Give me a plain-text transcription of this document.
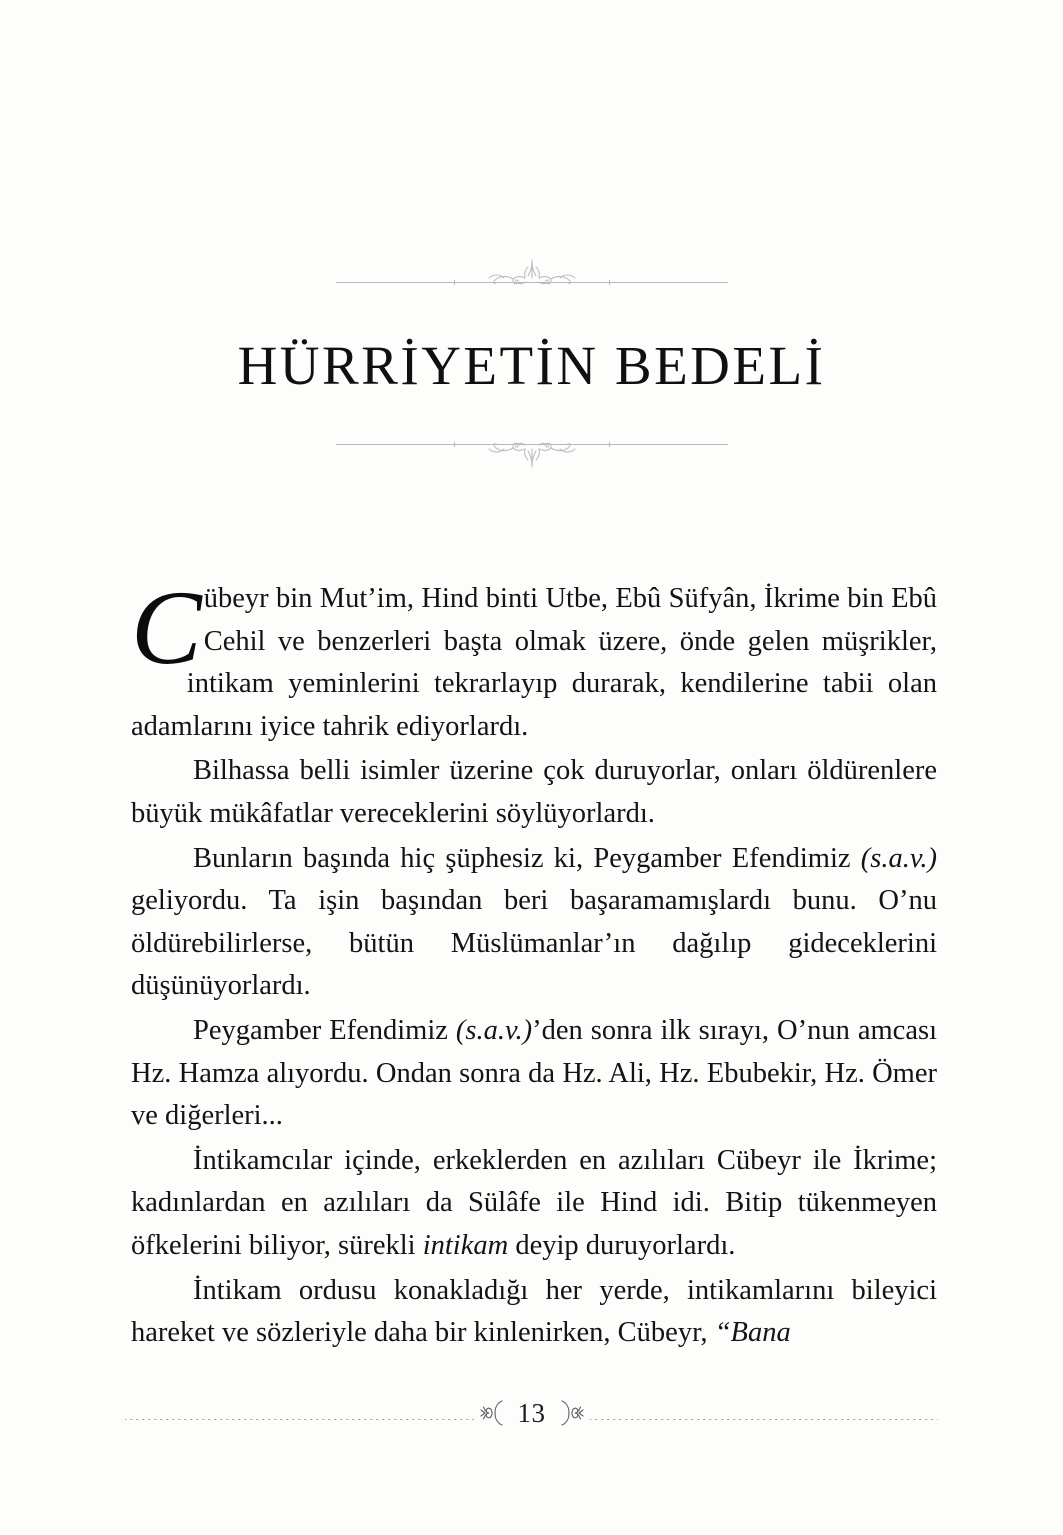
HÜRRİYETİN BEDELİ

Cübeyr bin Mut’im, Hind binti Utbe, Ebû Süfyân, İkrime bin Ebû Cehil ve benzerleri başta olmak üzere, önde gelen müşrikler, intikam yeminlerini tekrarlayıp durarak, kendilerine tabii olan adamlarını iyice tahrik ediyorlardı.

Bilhassa belli isimler üzerine çok duruyorlar, onları öldürenlere büyük mükâfatlar vereceklerini söylüyorlardı.

Bunların başında hiç şüphesiz ki, Peygamber Efendimiz (s.a.v.) geliyordu. Ta işin başından beri başaramamışlardı bunu. O’nu öldürebilirlerse, bütün Müslümanlar’ın dağılıp gideceklerini düşünüyorlardı.

Peygamber Efendimiz (s.a.v.)’den sonra ilk sırayı, O’nun amcası Hz. Hamza alıyordu. Ondan sonra da Hz. Ali, Hz. Ebubekir, Hz. Ömer ve diğerleri...

İntikamcılar içinde, erkeklerden en azılıları Cübeyr ile İkrime; kadınlardan en azılıları da Sülâfe ile Hind idi. Bitip tükenmeyen öfkelerini biliyor, sürekli intikam deyip duruyorlardı.

İntikam ordusu konakladığı her yerde, intikamlarını bileyici hareket ve sözleriyle daha bir kinlenirken, Cübeyr, “Bana

13
